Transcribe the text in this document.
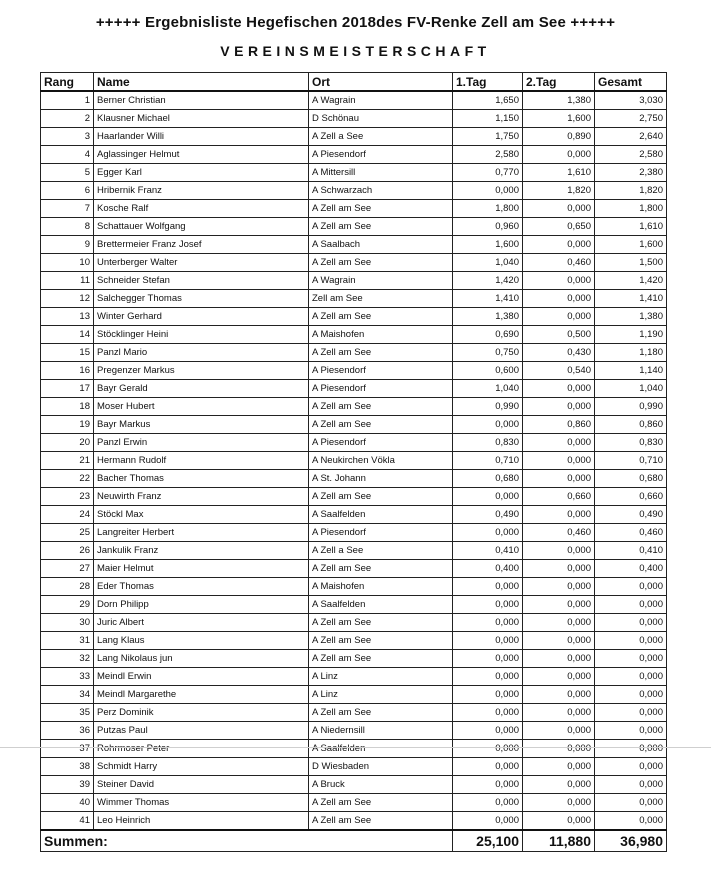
+++++ Ergebnisliste Hegefischen 2018des FV-Renke Zell am See +++++
VEREINSMEISTERSCHAFT
Rang	Name	Ort	1.Tag	2.Tag	Gesamt
1	Berner Christian	A Wagrain	1,650	1,380	3,030
2	Klausner Michael	D Schönau	1,150	1,600	2,750
3	Haarlander Willi	A Zell a See	1,750	0,890	2,640
4	Aglassinger Helmut	A Piesendorf	2,580	0,000	2,580
5	Egger Karl	A Mittersill	0,770	1,610	2,380
6	Hribernik Franz	A Schwarzach	0,000	1,820	1,820
7	Kosche Ralf	A Zell am See	1,800	0,000	1,800
8	Schattauer Wolfgang	A Zell am See	0,960	0,650	1,610
9	Brettermeier Franz Josef	A Saalbach	1,600	0,000	1,600
10	Unterberger Walter	A Zell am See	1,040	0,460	1,500
11	Schneider Stefan	A Wagrain	1,420	0,000	1,420
12	Salchegger Thomas	Zell am See	1,410	0,000	1,410
13	Winter Gerhard	A Zell am See	1,380	0,000	1,380
14	Stöcklinger Heini	A Maishofen	0,690	0,500	1,190
15	Panzl Mario	A Zell am See	0,750	0,430	1,180
16	Pregenzer Markus	A Piesendorf	0,600	0,540	1,140
17	Bayr Gerald	A Piesendorf	1,040	0,000	1,040
18	Moser Hubert	A Zell am See	0,990	0,000	0,990
19	Bayr Markus	A Zell am See	0,000	0,860	0,860
20	Panzl Erwin	A Piesendorf	0,830	0,000	0,830
21	Hermann Rudolf	A Neukirchen Vöklа	0,710	0,000	0,710
22	Bacher Thomas	A St. Johann	0,680	0,000	0,680
23	Neuwirth Franz	A Zell am See	0,000	0,660	0,660
24	Stöckl Max	A Saalfelden	0,490	0,000	0,490
25	Langreiter Herbert	A Piesendorf	0,000	0,460	0,460
26	Jankulik Franz	A Zell a See	0,410	0,000	0,410
27	Maier Helmut	A Zell am See	0,400	0,000	0,400
28	Eder Thomas	A Maishofen	0,000	0,000	0,000
29	Dorn Philipp	A Saalfelden	0,000	0,000	0,000
30	Juric Albert	A Zell am See	0,000	0,000	0,000
31	Lang Klaus	A Zell am See	0,000	0,000	0,000
32	Lang Nikolaus jun	A Zell am See	0,000	0,000	0,000
33	Meindl Erwin	A Linz	0,000	0,000	0,000
34	Meindl Margarethe	A Linz	0,000	0,000	0,000
35	Perz Dominik	A Zell am See	0,000	0,000	0,000
36	Putzas Paul	A Niedernsill	0,000	0,000	0,000
37	Rohrmoser Peter	A Saalfelden	0,000	0,000	0,000
38	Schmidt Harry	D Wiesbaden	0,000	0,000	0,000
39	Steiner David	A Bruck	0,000	0,000	0,000
40	Wimmer Thomas	A Zell am See	0,000	0,000	0,000
41	Leo Heinrich	A Zell am See	0,000	0,000	0,000
Summen:			25,100	11,880	36,980
